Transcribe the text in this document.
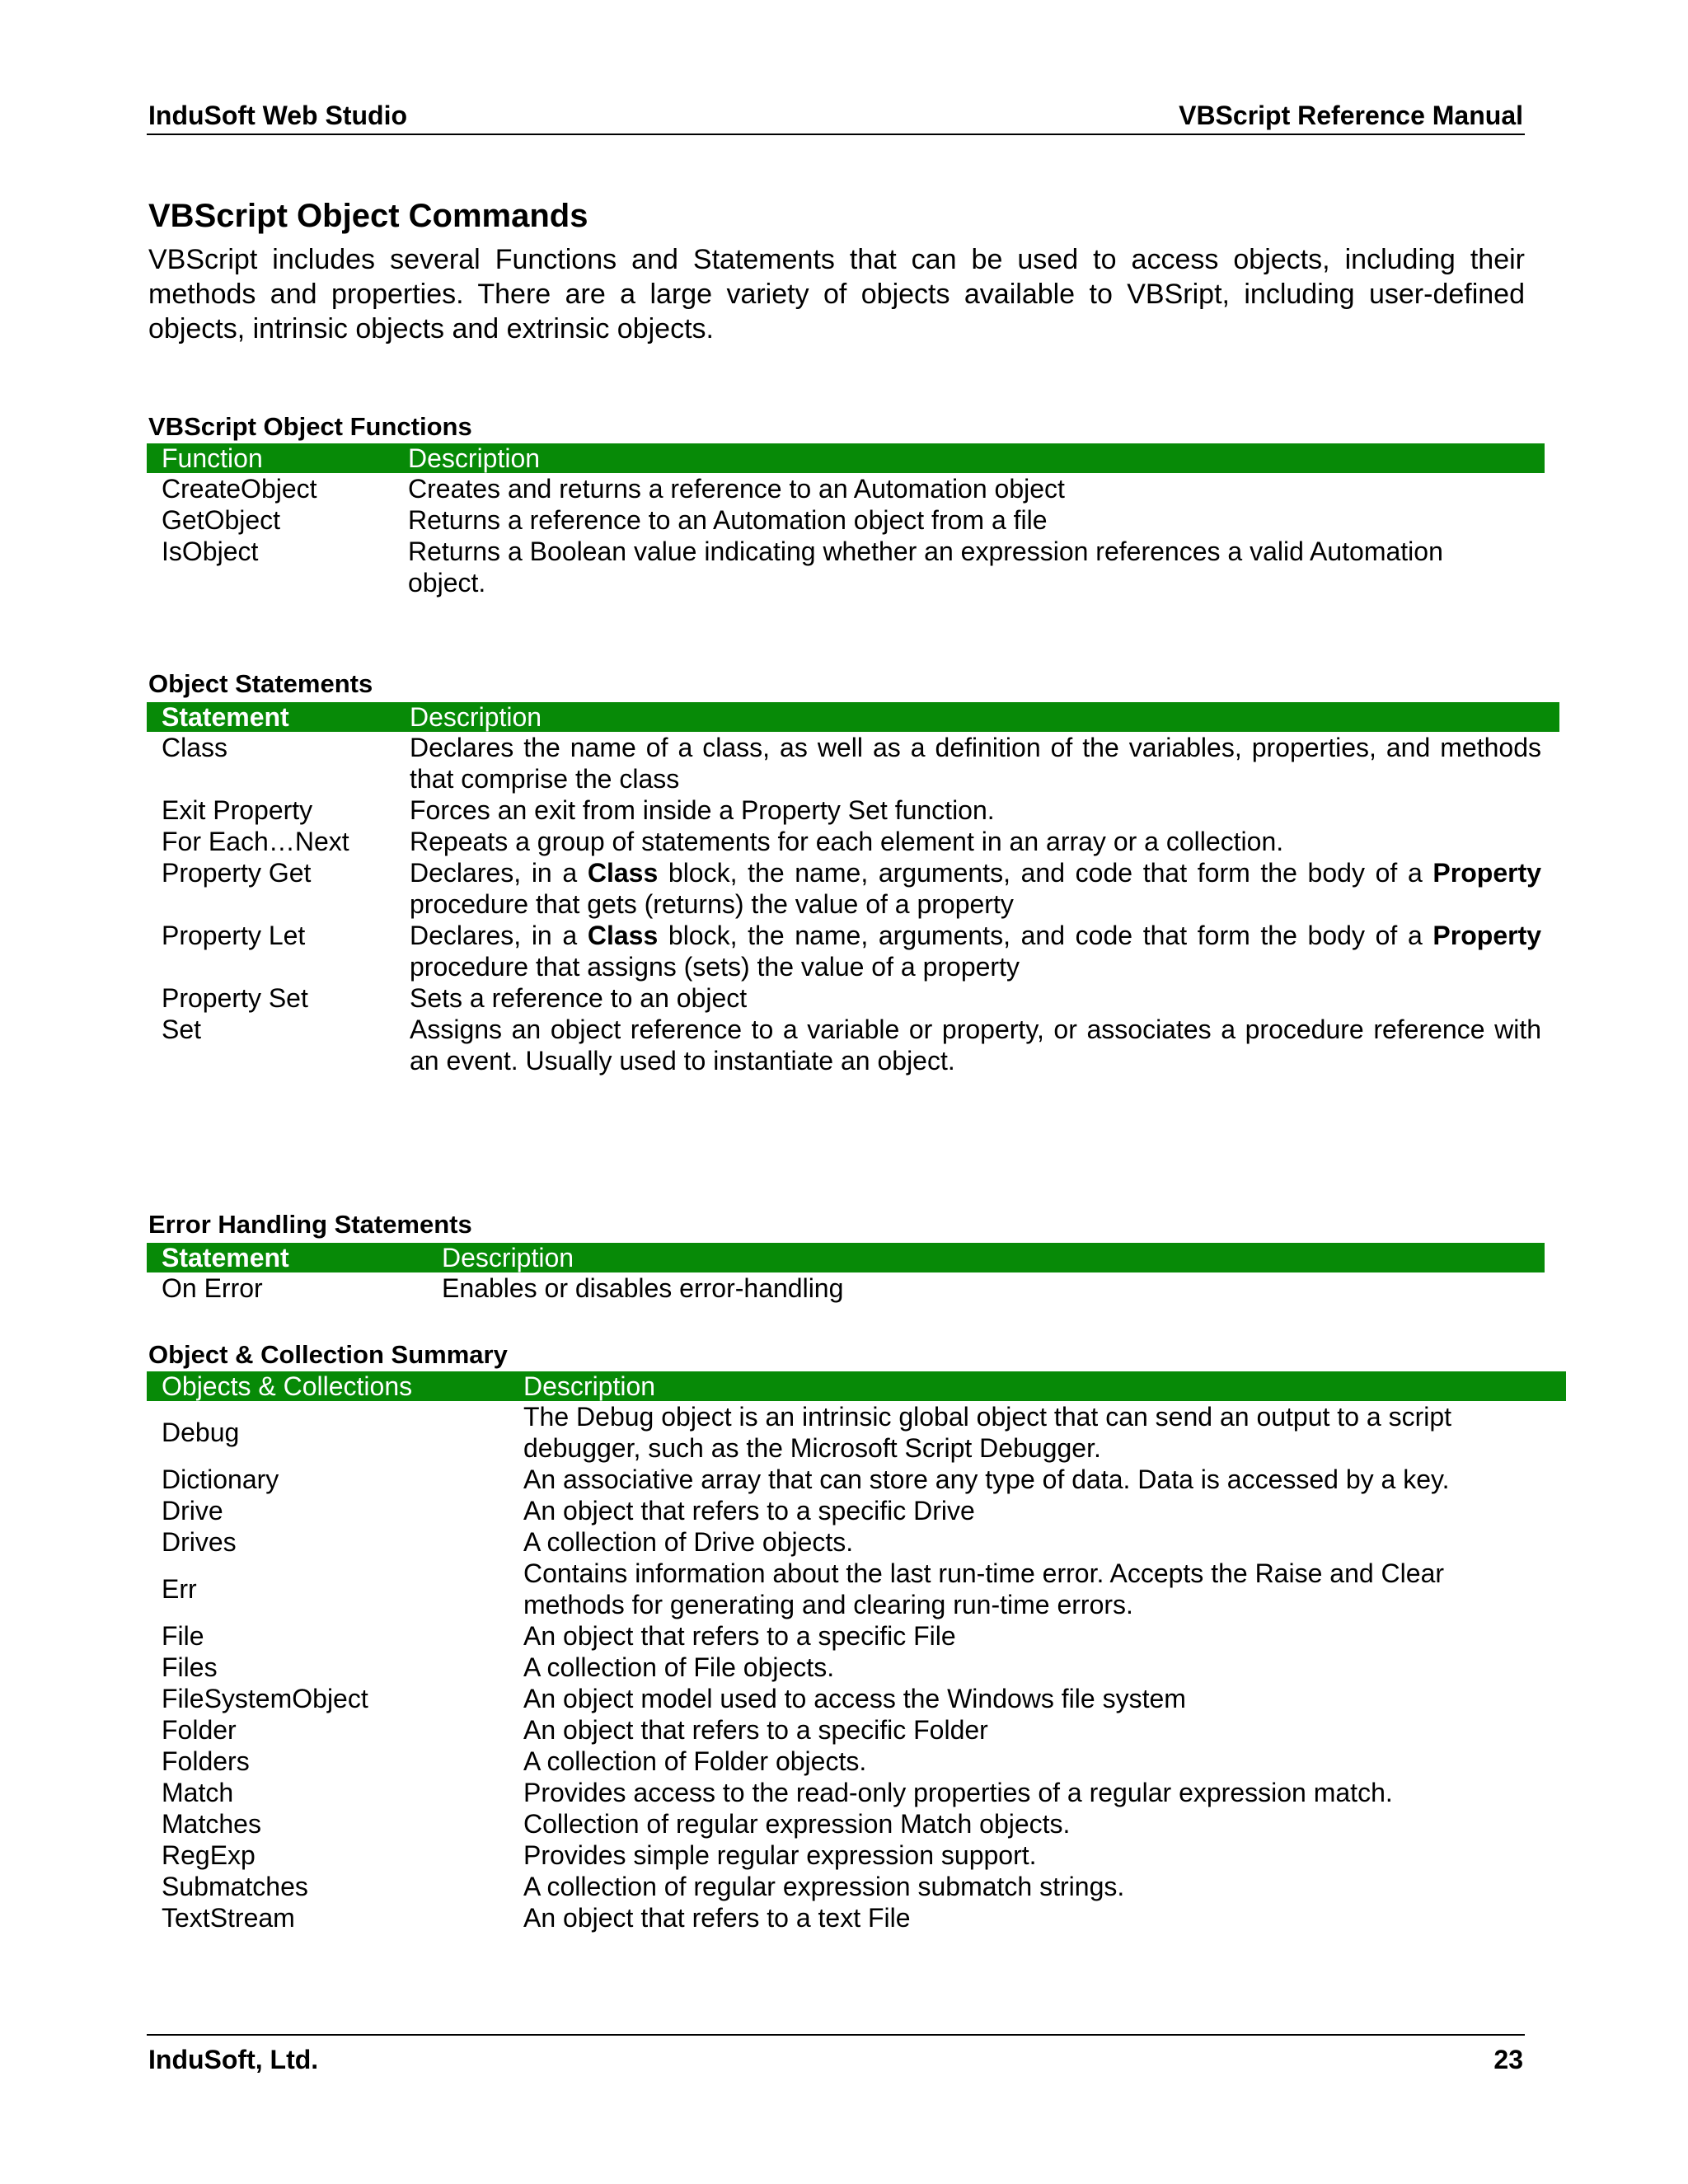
InduSoft Web Studio	VBScript Reference Manual
VBScript Object Commands
VBScript includes several Functions and Statements that can be used to access objects, including their methods and properties. There are a large variety of objects available to VBSript, including user-defined objects, intrinsic objects and extrinsic objects.
VBScript Object Functions
Function	Description
CreateObject	Creates and returns a reference to an Automation object
GetObject	Returns a reference to an Automation object from a file
IsObject	Returns a Boolean value indicating whether an expression references a valid Automation object.
Object Statements
Statement	Description
Class	Declares the name of a class, as well as a definition of the variables, properties, and methods that comprise the class
Exit Property	Forces an exit from inside a Property Set function.
For Each…Next	Repeats a group of statements for each element in an array or a collection.
Property Get	Declares, in a Class block, the name, arguments, and code that form the body of a Property procedure that gets (returns) the value of a property
Property Let	Declares, in a Class block, the name, arguments, and code that form the body of a Property procedure that assigns (sets) the value of a property
Property Set	Sets a reference to an object
Set	Assigns an object reference to a variable or property, or associates a procedure reference with an event. Usually used to instantiate an object.
Error Handling Statements
Statement	Description
On Error	Enables or disables error-handling
Object & Collection Summary
Objects & Collections	Description
Debug	The Debug object is an intrinsic global object that can send an output to a script debugger, such as the Microsoft Script Debugger.
Dictionary	An associative array that can store any type of data. Data is accessed by a key.
Drive	An object that refers to a specific Drive
Drives	A collection of Drive objects.
Err	Contains information about the last run-time error. Accepts the Raise and Clear methods for generating and clearing run-time errors.
File	An object that refers to a specific File
Files	A collection of File objects.
FileSystemObject	An object model used to access the Windows file system
Folder	An object that refers to a specific Folder
Folders	A collection of Folder objects.
Match	Provides access to the read-only properties of a regular expression match.
Matches	Collection of regular expression Match objects.
RegExp	Provides simple regular expression support.
Submatches	A collection of regular expression submatch strings.
TextStream	An object that refers to a text File
InduSoft, Ltd.	23
